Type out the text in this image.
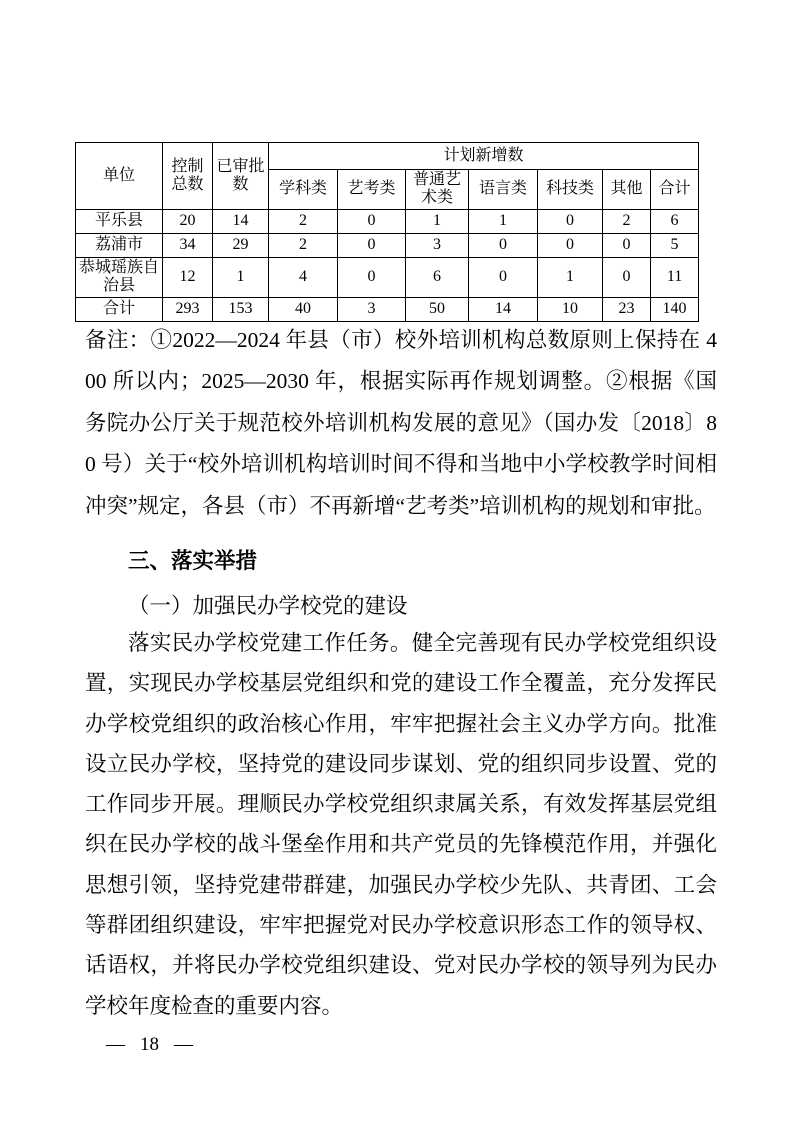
单位	控制总数	已审批数	计划新增数						
			学科类	艺考类	普通艺术类	语言类	科技类	其他	合计
平乐县	20	14	2	0	1	1	0	2	6
荔浦市	34	29	2	0	3	0	0	0	5
恭城瑶族自治县	12	1	4	0	6	0	1	0	11
合计	293	153	40	3	50	14	10	23	140

备注：①2022—2024 年县（市）校外培训机构总数原则上保持在 400 所以内；2025—2030 年，根据实际再作规划调整。②根据《国务院办公厅关于规范校外培训机构发展的意见》（国办发〔2018〕80 号）关于“校外培训机构培训时间不得和当地中小学校教学时间相冲突”规定，各县（市）不再新增“艺考类”培训机构的规划和审批。

三、落实举措
（一）加强民办学校党的建设

落实民办学校党建工作任务。健全完善现有民办学校党组织设置，实现民办学校基层党组织和党的建设工作全覆盖，充分发挥民办学校党组织的政治核心作用，牢牢把握社会主义办学方向。批准设立民办学校，坚持党的建设同步谋划、党的组织同步设置、党的工作同步开展。理顺民办学校党组织隶属关系，有效发挥基层党组织在民办学校的战斗堡垒作用和共产党员的先锋模范作用，并强化思想引领，坚持党建带群建，加强民办学校少先队、共青团、工会等群团组织建设，牢牢把握党对民办学校意识形态工作的领导权、话语权，并将民办学校党组织建设、党对民办学校的领导列为民办学校年度检查的重要内容。

— 18 —
